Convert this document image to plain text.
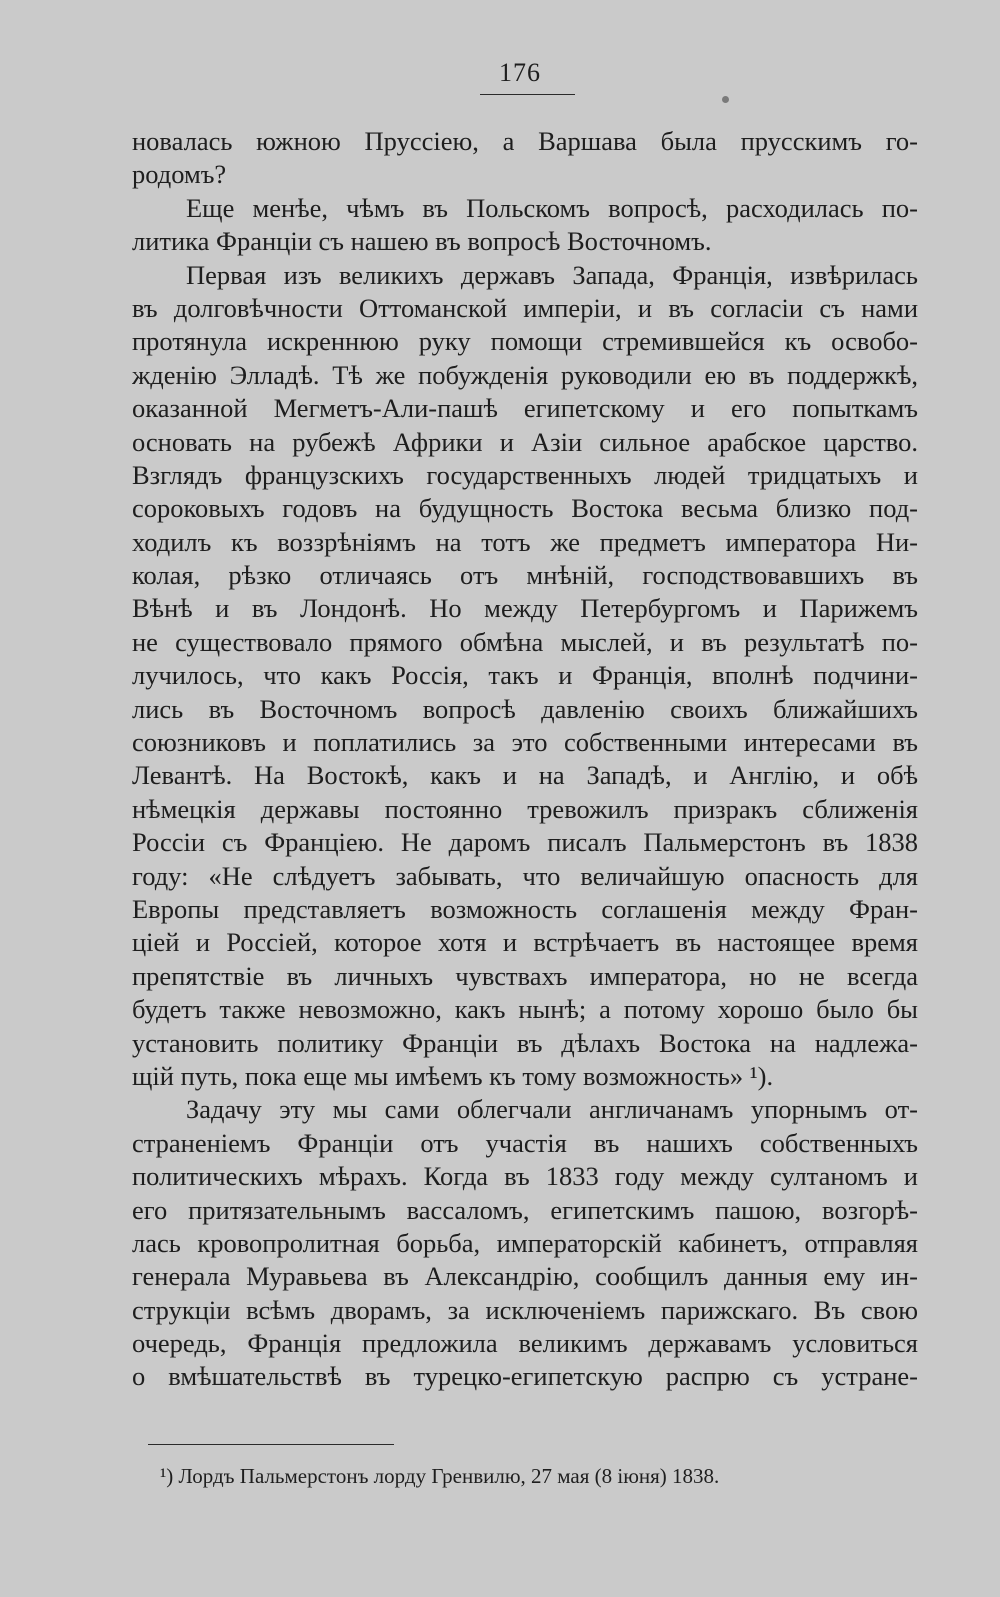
176
новалась южною Пруссіею, а Варшава была прусскимъ го-
родомъ?
Еще менѣе, чѣмъ въ Польскомъ вопросѣ, расходилась по-
литика Франціи съ нашею въ вопросѣ Восточномъ.
Первая изъ великихъ державъ Запада, Франція, извѣрилась
въ долговѣчности Оттоманской имперіи, и въ согласіи съ нами
протянула искреннюю руку помощи стремившейся къ освобо-
жденію Элладѣ. Тѣ же побужденія руководили ею въ поддержкѣ,
оказанной Мегметъ-Али-пашѣ египетскому и его попыткамъ
основать на рубежѣ Африки и Азіи сильное арабское царство.
Взглядъ французскихъ государственныхъ людей тридцатыхъ и
сороковыхъ годовъ на будущность Востока весьма близко под-
ходилъ къ воззрѣніямъ на тотъ же предметъ императора Ни-
колая, рѣзко отличаясь отъ мнѣній, господствовавшихъ въ
Вѣнѣ и въ Лондонѣ. Но между Петербургомъ и Парижемъ
не существовало прямого обмѣна мыслей, и въ результатѣ по-
лучилось, что какъ Россія, такъ и Франція, вполнѣ подчини-
лись въ Восточномъ вопросѣ давленію своихъ ближайшихъ
союзниковъ и поплатились за это собственными интересами въ
Левантѣ. На Востокѣ, какъ и на Западѣ, и Англію, и обѣ
нѣмецкія державы постоянно тревожилъ призракъ сближенія
Россіи съ Франціею. Не даромъ писалъ Пальмерстонъ въ 1838
году: «Не слѣдуетъ забывать, что величайшую опасность для
Европы представляетъ возможность соглашенія между Фран-
ціей и Россіей, которое хотя и встрѣчаетъ въ настоящее время
препятствіе въ личныхъ чувствахъ императора, но не всегда
будетъ также невозможно, какъ нынѣ; а потому хорошо было бы
установить политику Франціи въ дѣлахъ Востока на надлежа-
щій путь, пока еще мы имѣемъ къ тому возможность» ¹).
Задачу эту мы сами облегчали англичанамъ упорнымъ от-
страненіемъ Франціи отъ участія въ нашихъ собственныхъ
политическихъ мѣрахъ. Когда въ 1833 году между султаномъ и
его притязательнымъ вассаломъ, египетскимъ пашою, возгорѣ-
лась кровопролитная борьба, императорскій кабинетъ, отправляя
генерала Муравьева въ Александрію, сообщилъ данныя ему ин-
струкціи всѣмъ дворамъ, за исключеніемъ парижскаго. Въ свою
очередь, Франція предложила великимъ державамъ условиться
о вмѣшательствѣ въ турецко-египетскую распрю съ устране-
¹) Лордъ Пальмерстонъ лорду Гренвилю, 27 мая (8 іюня) 1838.
